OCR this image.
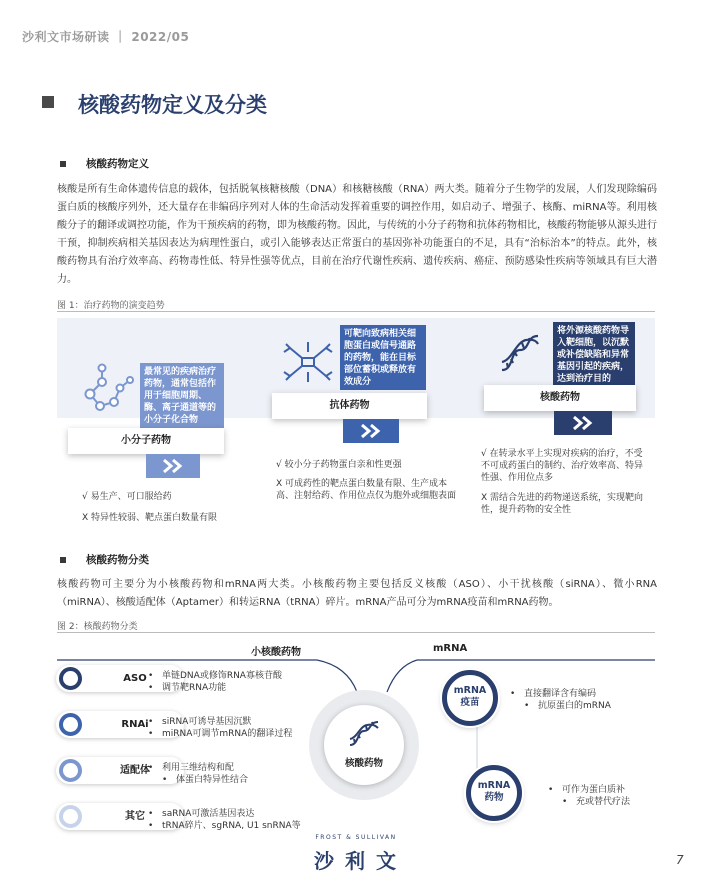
沙利文市场研读 ｜ 2022/05
核酸药物定义及分类
核酸药物定义
核酸是所有生命体遗传信息的载体，包括脱氧核糖核酸（DNA）和核糖核酸（RNA）两大类。随着分子生物学的发展，人们发现除编码蛋白质的核酸序列外，还大量存在非编码序列对人体的生命活动发挥着重要的调控作用，如启动子、增强子、核酶、miRNA等。利用核酸分子的翻译或调控功能，作为干预疾病的药物，即为核酸药物。因此，与传统的小分子药物和抗体药物相比，核酸药物能够从源头进行干预，抑制疾病相关基因表达为病理性蛋白，或引入能够表达正常蛋白的基因弥补功能蛋白的不足，具有“治标治本”的特点。此外，核酸药物具有治疗效率高、药物毒性低、特异性强等优点，目前在治疗代谢性疾病、遗传疾病、癌症、预防感染性疾病等领域具有巨大潜力。
图 1：治疗药物的演变趋势
最常见的疾病治疗药物，通常包括作用于细胞周期、酶、离子通道等的小分子化合物
小分子药物
√ 易生产、可口服给药
X 特异性较弱、靶点蛋白数量有限
可靶向致病相关细胞蛋白或信号通路的药物，能在目标部位蓄积或释放有效成分
抗体药物
√ 较小分子药物蛋白亲和性更强
X 可成药性的靶点蛋白数量有限、生产成本高、注射给药、作用位点仅为胞外或细胞表面
将外源核酸药物导入靶细胞，以沉默或补偿缺陷和异常基因引起的疾病，达到治疗目的
核酸药物
√ 在转录水平上实现对疾病的治疗，不受不可成药蛋白的制约、治疗效率高、特异性强、作用位点多
X 需结合先进的药物递送系统，实现靶向性，提升药物的安全性
核酸药物分类
核酸药物可主要分为小核酸药物和mRNA两大类。小核酸药物主要包括反义核酸（ASO）、小干扰核酸（siRNA）、微小RNA（miRNA）、核酸适配体（Aptamer）和转运RNA（tRNA）碎片。mRNA产品可分为mRNA疫苗和mRNA药物。
图 2：核酸药物分类
小核酸药物	mRNA
核酸药物
ASO	• 单链DNA或修饰RNA寡核苷酸
• 调节靶RNA功能
RNAi	• siRNA可诱导基因沉默
• miRNA可调节mRNA的翻译过程
适配体	• 利用三维结构和配
• 体蛋白特异性结合
其它	• saRNA可激活基因表达
• tRNA碎片、sgRNA, U1 snRNA等
mRNA
疫苗
• 直接翻译含有编码
• 抗原蛋白的mRNA
mRNA
药物
• 可作为蛋白质补
• 充或替代疗法
FROST & SULLIVAN
沙 利 文	7
